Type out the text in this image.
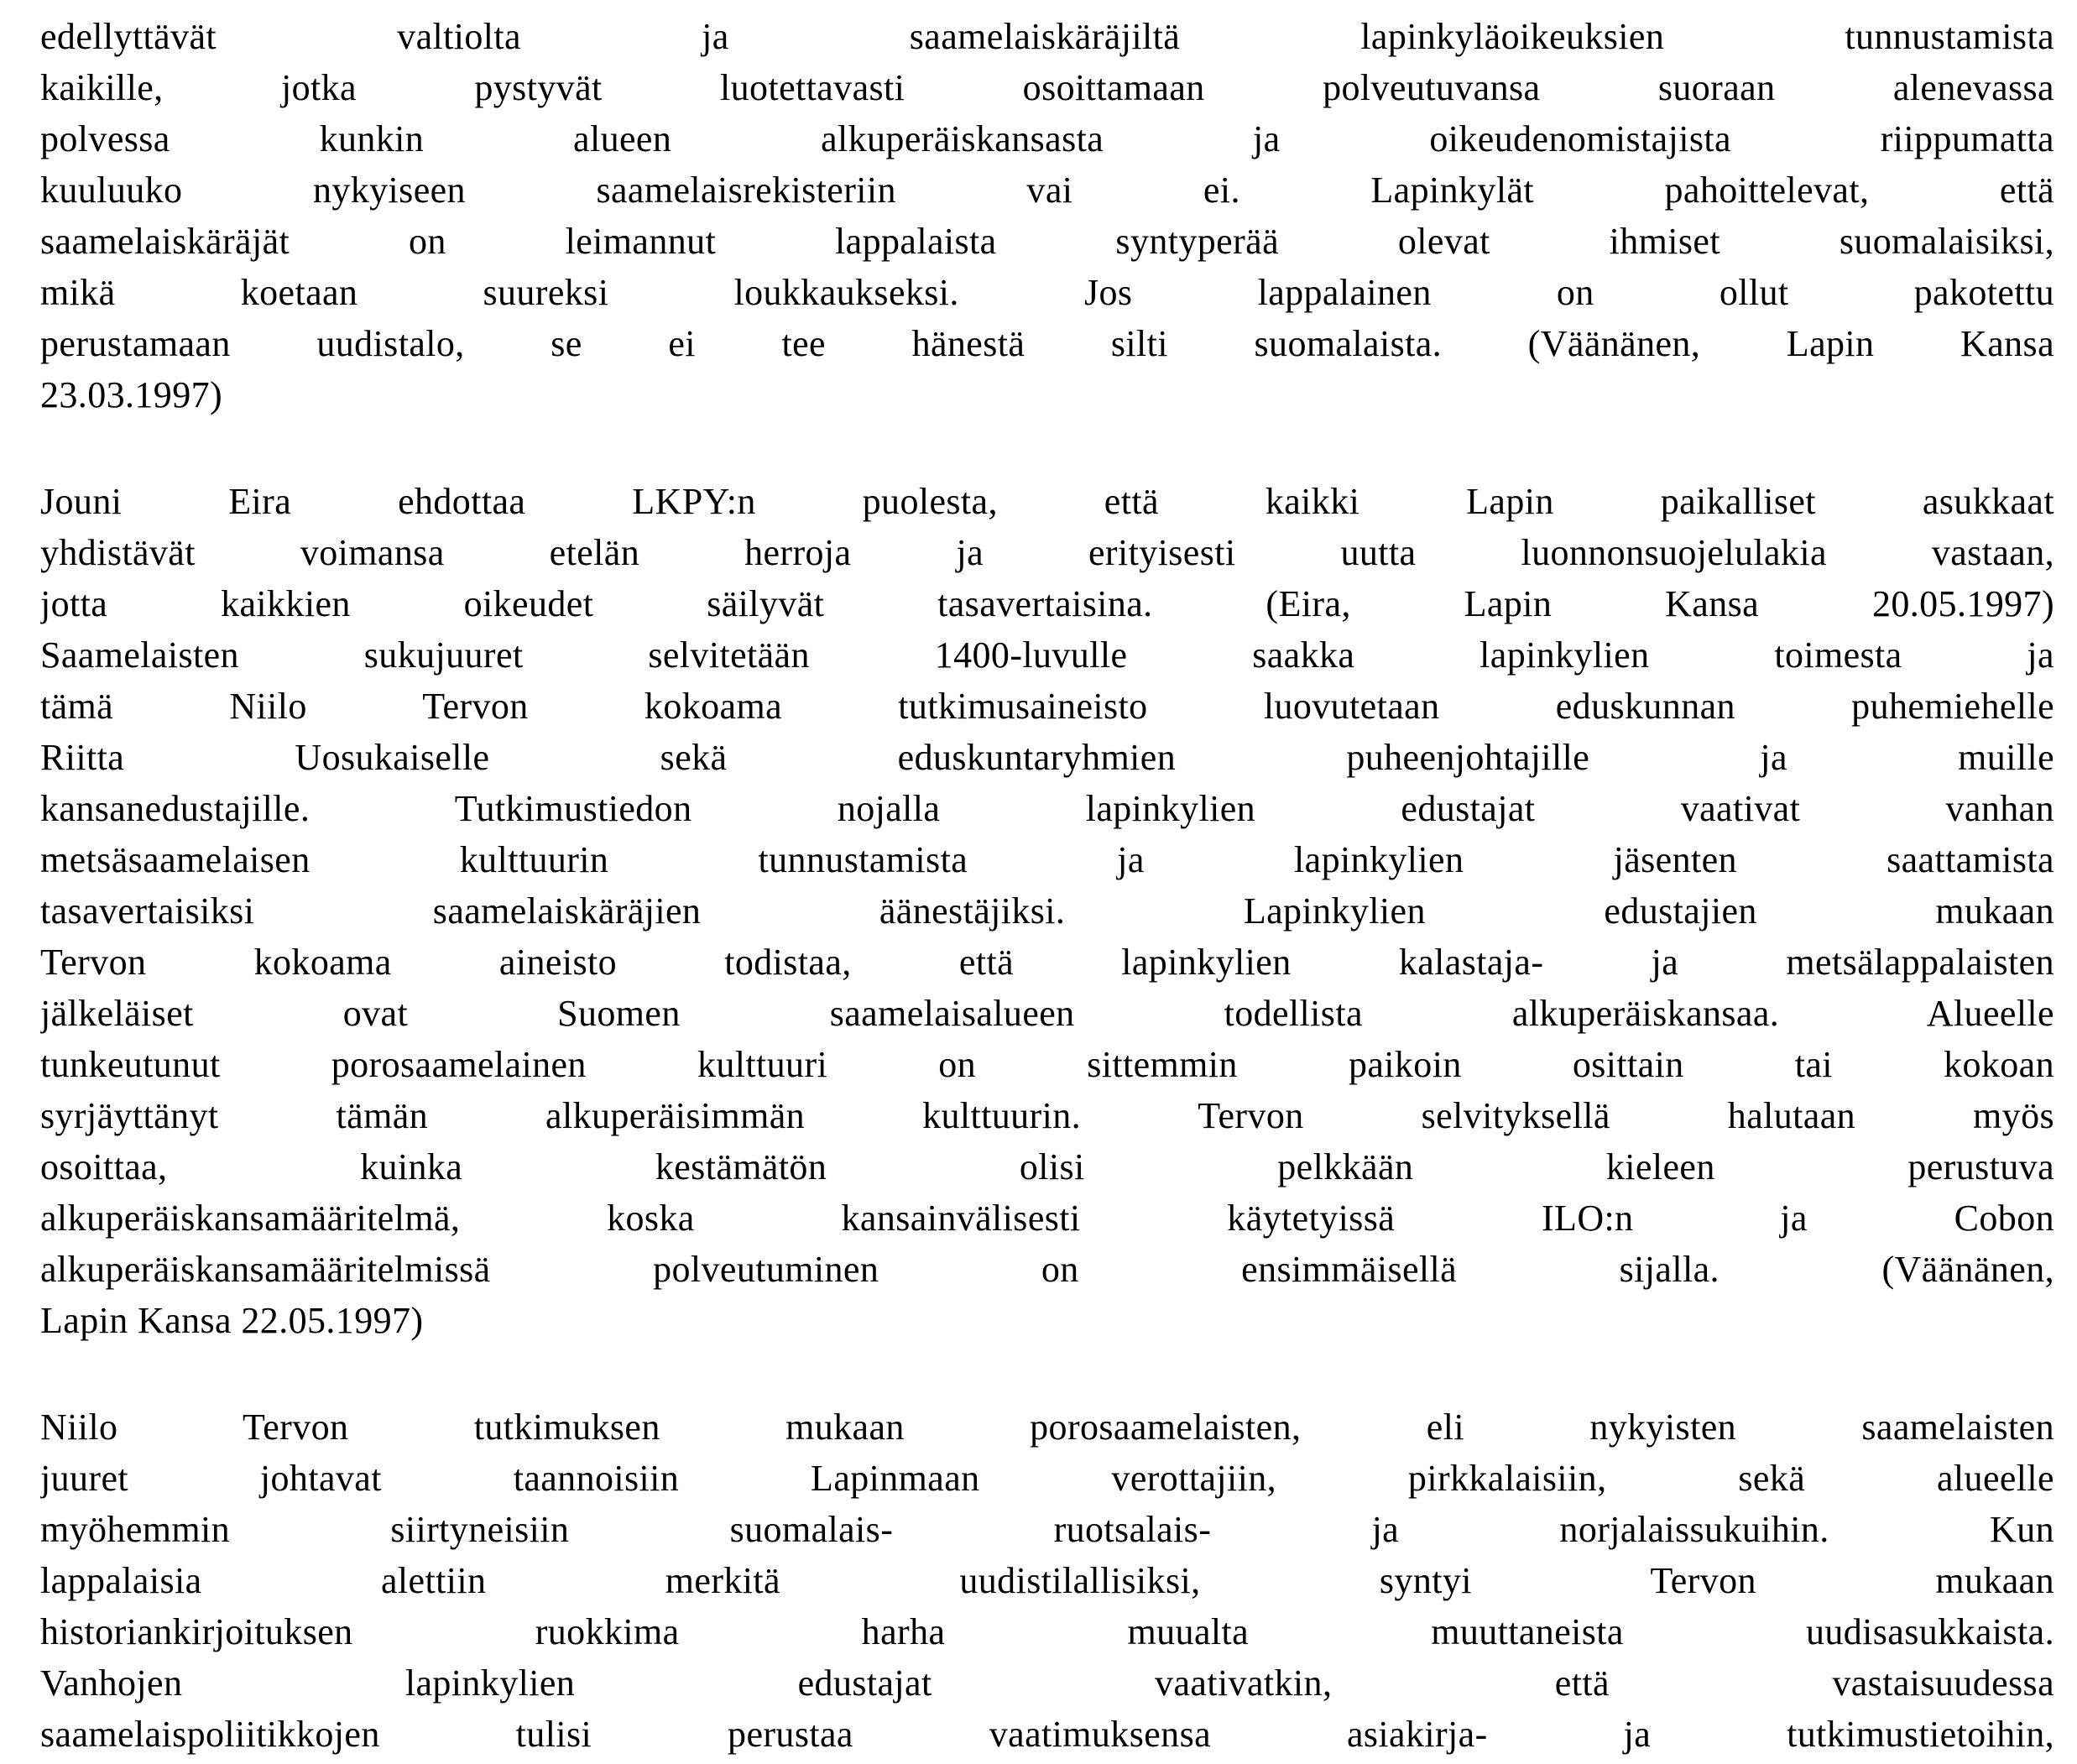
edellyttävät valtiolta ja saamelaiskäräjiltä lapinkyläoikeuksien tunnustamista
kaikille, jotka pystyvät luotettavasti osoittamaan polveutuvansa suoraan alenevassa
polvessa kunkin alueen alkuperäiskansasta ja oikeudenomistajista riippumatta
kuuluuko nykyiseen saamelaisrekisteriin vai ei. Lapinkylät pahoittelevat, että
saamelaiskäräjät on leimannut lappalaista syntyperää olevat ihmiset suomalaisiksi,
mikä koetaan suureksi loukkaukseksi. Jos lappalainen on ollut pakotettu
perustamaan uudistalo, se ei tee hänestä silti suomalaista. (Väänänen, Lapin Kansa
23.03.1997)
Jouni Eira ehdottaa LKPY:n puolesta, että kaikki Lapin paikalliset asukkaat
yhdistävät voimansa etelän herroja ja erityisesti uutta luonnonsuojelulakia vastaan,
jotta kaikkien oikeudet säilyvät tasavertaisina. (Eira, Lapin Kansa 20.05.1997)
Saamelaisten sukujuuret selvitetään 1400-luvulle saakka lapinkylien toimesta ja
tämä Niilo Tervon kokoama tutkimusaineisto luovutetaan eduskunnan puhemiehelle
Riitta Uosukaiselle sekä eduskuntaryhmien puheenjohtajille ja muille
kansanedustajille. Tutkimustiedon nojalla lapinkylien edustajat vaativat vanhan
metsäsaamelaisen kulttuurin tunnustamista ja lapinkylien jäsenten saattamista
tasavertaisiksi saamelaiskäräjien äänestäjiksi. Lapinkylien edustajien mukaan
Tervon kokoama aineisto todistaa, että lapinkylien kalastaja- ja metsälappalaisten
jälkeläiset ovat Suomen saamelaisalueen todellista alkuperäiskansaa. Alueelle
tunkeutunut porosaamelainen kulttuuri on sittemmin paikoin osittain tai kokoan
syrjäyttänyt tämän alkuperäisimmän kulttuurin. Tervon selvityksellä halutaan myös
osoittaa, kuinka kestämätön olisi pelkkään kieleen perustuva
alkuperäiskansamääritelmä, koska kansainvälisesti käytetyissä ILO:n ja Cobon
alkuperäiskansamääritelmissä polveutuminen on ensimmäisellä sijalla. (Väänänen,
Lapin Kansa 22.05.1997)
Niilo Tervon tutkimuksen mukaan porosaamelaisten, eli nykyisten saamelaisten
juuret johtavat taannoisiin Lapinmaan verottajiin, pirkkalaisiin, sekä alueelle
myöhemmin siirtyneisiin suomalais- ruotsalais- ja norjalaissukuihin. Kun
lappalaisia alettiin merkitä uudistilallisiksi, syntyi Tervon mukaan
historiankirjoituksen ruokkima harha muualta muuttaneista uudisasukkaista.
Vanhojen lapinkylien edustajat vaativatkin, että vastaisuudessa
saamelaispoliitikkojen tulisi perustaa vaatimuksensa asiakirja- ja tutkimustietoihin,
